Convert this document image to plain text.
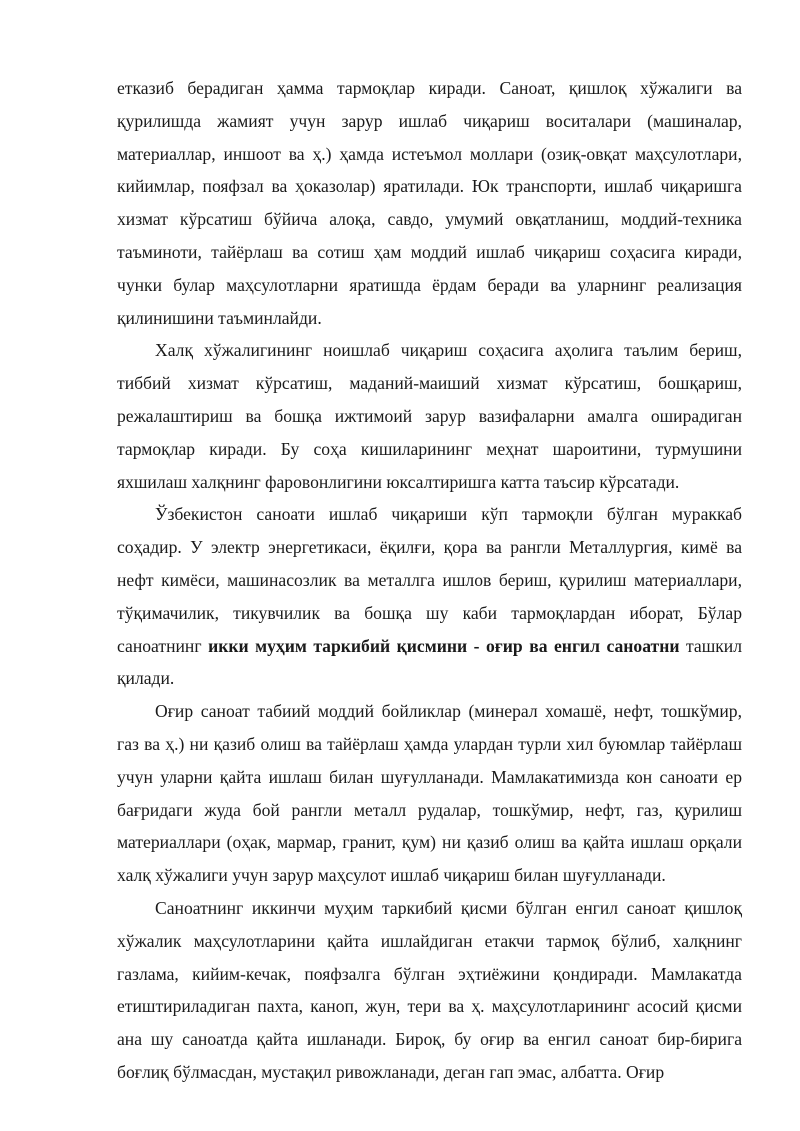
етказиб берадиган ҳамма тармоқлар киради. Саноат, қишлоқ хўжалиги ва қурилишда жамият учун зарур ишлаб чиқариш воситалари (машиналар, материаллар, иншоот ва ҳ.) ҳамда истеъмол моллари (озиқ-овқат маҳсулотлари, кийимлар, пояфзал ва ҳоказолар) яратилади. Юк транспорти, ишлаб чиқаришга хизмат кўрсатиш бўйича алоқа, савдо, умумий овқатланиш, моддий-техника таъминоти, тайёрлаш ва сотиш ҳам моддий ишлаб чиқариш соҳасига киради, чунки булар маҳсулотларни яратишда ёрдам беради ва уларнинг реализация қилинишини таъминлайди.

Халқ хўжалигининг ноишлаб чиқариш соҳасига аҳолига таълим бериш, тиббий хизмат кўрсатиш, маданий-маиший хизмат кўрсатиш, бошқариш, режалаштириш ва бошқа ижтимоий зарур вазифаларни амалга оширадиган тармоқлар киради. Бу соҳа кишиларининг меҳнат шароитини, турмушини яхшилаш халқнинг фаровонлигини юксалтиришга катта таъсир кўрсатади.

Ўзбекистон саноати ишлаб чиқариши кўп тармоқли бўлган мураккаб соҳадир. У электр энергетикаси, ёқилғи, қора ва рангли Металлургия, кимё ва нефт кимёси, машинасозлик ва металлга ишлов бериш, қурилиш материаллари, тўқимачилик, тикувчилик ва бошқа шу каби тармоқлардан иборат, Бўлар саноатнинг икки муҳим таркибий қисмини - оғир ва енгил саноатни ташкил қилади.

Оғир саноат табиий моддий бойликлар (минерал хомашё, нефт, тошкўмир, газ ва ҳ.) ни қазиб олиш ва тайёрлаш ҳамда улардан турли хил буюмлар тайёрлаш учун уларни қайта ишлаш билан шуғулланади. Мамлакатимизда кон саноати ер бағридаги жуда бой рангли металл рудалар, тошкўмир, нефт, газ, қурилиш материаллари (оҳак, мармар, гранит, қум) ни қазиб олиш ва қайта ишлаш орқали халқ хўжалиги учун зарур маҳсулот ишлаб чиқариш билан шуғулланади.

Саноатнинг иккинчи муҳим таркибий қисми бўлган енгил саноат қишлоқ хўжалик маҳсулотларини қайта ишлайдиган етакчи тармоқ бўлиб, халқнинг газлама, кийим-кечак, пояфзалга бўлган эҳтиёжини қондиради. Мамлакатда етиштириладиган пахта, каноп, жун, тери ва ҳ. маҳсулотларининг асосий қисми ана шу саноатда қайта ишланади. Бироқ, бу оғир ва енгил саноат бир-бирига боғлиқ бўлмасдан, мустақил ривожланади, деган гап эмас, албатта. Оғир
